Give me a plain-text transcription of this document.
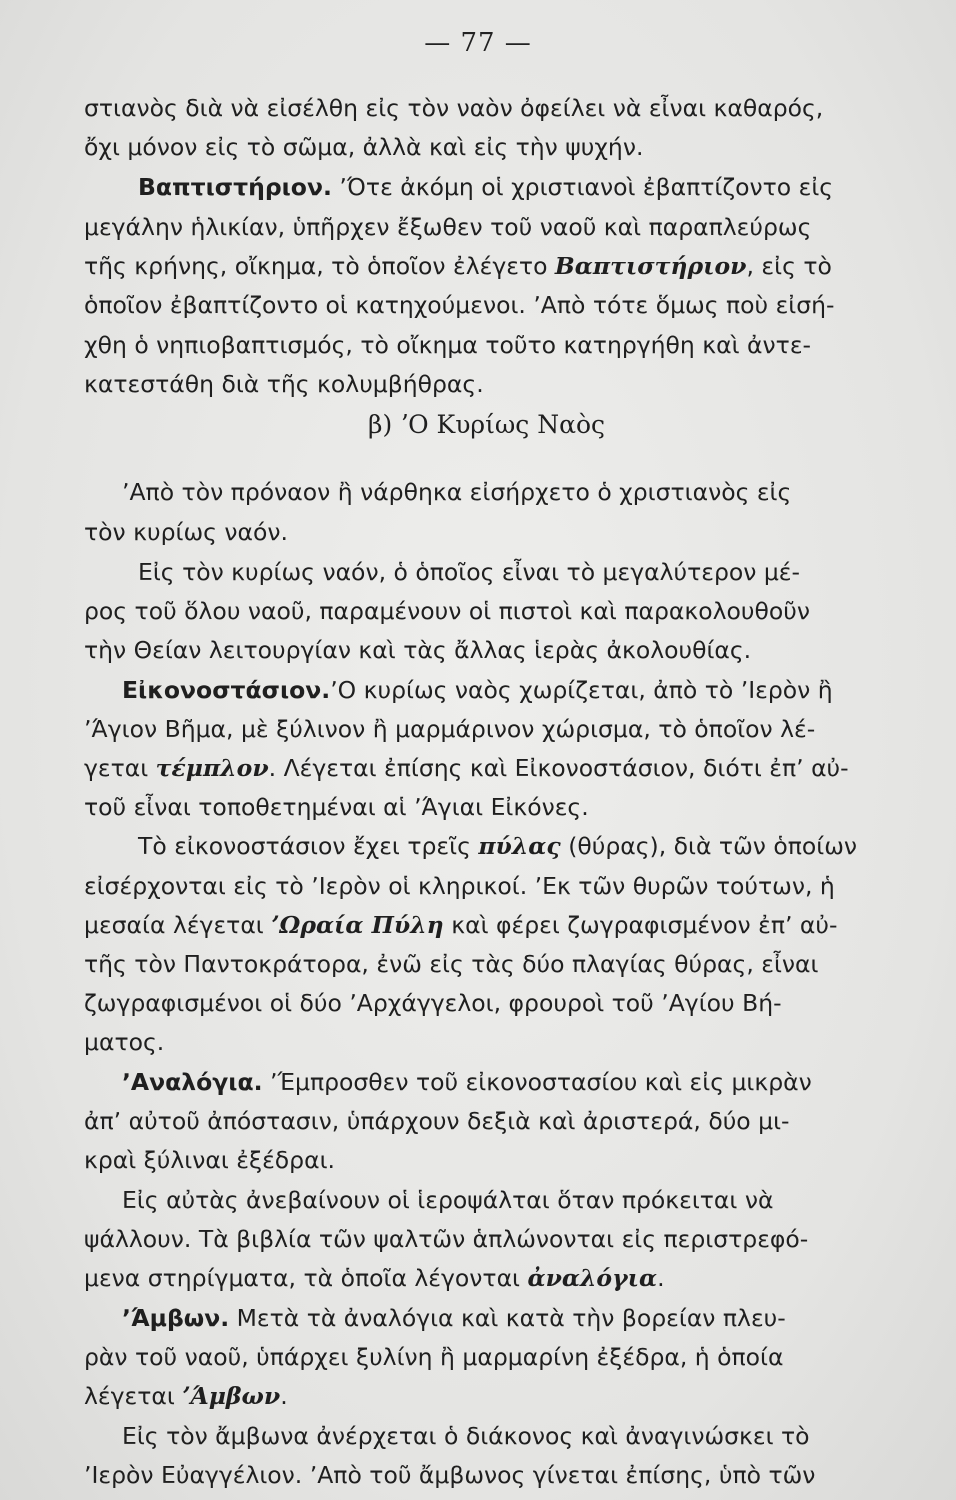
— 77 —
στιανὸς διὰ νὰ εἰσέλθη εἰς τὸν ναὸν ὀφείλει νὰ εἶναι καθαρός,
ὄχι μόνον εἰς τὸ σῶμα, ἀλλὰ καὶ εἰς τὴν ψυχήν.
Βαπτιστήριον. ʼΌτε ἀκόμη οἱ χριστιανοὶ ἐβαπτίζοντο εἰς
μεγάλην ἡλικίαν, ὑπῆρχεν ἔξωθεν τοῦ ναοῦ καὶ παραπλεύρως
τῆς κρήνης, οἴκημα, τὸ ὁποῖον ἐλέγετο Βαπτιστήριον, εἰς τὸ
ὁποῖον ἐβαπτίζοντο οἱ κατηχούμενοι. ʼΑπὸ τότε ὅμως ποὺ εἰσή-
χθη ὁ νηπιοβαπτισμός, τὸ οἴκημα τοῦτο κατηργήθη καὶ ἀντε-
κατεστάθη διὰ τῆς κολυμβήθρας.
β) ʼΟ Κυρίως Ναὸς
ʼΑπὸ τὸν πρόναον ἢ νάρθηκα εἰσήρχετο ὁ χριστιανὸς εἰς
τὸν κυρίως ναόν.
Εἰς τὸν κυρίως ναόν, ὁ ὁποῖος εἶναι τὸ μεγαλύτερον μέ-
ρος τοῦ ὅλου ναοῦ, παραμένουν οἱ πιστοὶ καὶ παρακολουθοῦν
τὴν Θείαν λειτουργίαν καὶ τὰς ἄλλας ἱερὰς ἀκολουθίας.
Εἰκονοστάσιον.ʼΟ κυρίως ναὸς χωρίζεται, ἀπὸ τὸ ʼΙερὸν ἢ
ʼΆγιον Βῆμα, μὲ ξύλινον ἢ μαρμάρινον χώρισμα, τὸ ὁποῖον λέ-
γεται τέμπλον. Λέγεται ἐπίσης καὶ Εἰκονοστάσιον, διότι ἐπʼ αὐ-
τοῦ εἶναι τοποθετημέναι αἱ ʼΆγιαι Εἰκόνες.
Τὸ εἰκονοστάσιον ἔχει τρεῖς πύλας (θύρας), διὰ τῶν ὁποίων
εἰσέρχονται εἰς τὸ ʼΙερὸν οἱ κληρικοί. ʼΕκ τῶν θυρῶν τούτων, ἡ
μεσαία λέγεται ʼΩραία Πύλη καὶ φέρει ζωγραφισμένον ἐπʼ αὐ-
τῆς τὸν Παντοκράτορα, ἐνῶ εἰς τὰς δύο πλαγίας θύρας, εἶναι
ζωγραφισμένοι οἱ δύο ʼΑρχάγγελοι, φρουροὶ τοῦ ʼΑγίου Βή-
ματος.
ʼΑναλόγια. ʼΈμπροσθεν τοῦ εἰκονοστασίου καὶ εἰς μικρὰν
ἀπʼ αὐτοῦ ἀπόστασιν, ὑπάρχουν δεξιὰ καὶ ἀριστερά, δύο μι-
κραὶ ξύλιναι ἐξέδραι.
Εἰς αὐτὰς ἀνεβαίνουν οἱ ἱεροψάλται ὅταν πρόκειται νὰ
ψάλλουν. Τὰ βιβλία τῶν ψαλτῶν ἁπλώνονται εἰς περιστρεφό-
μενα στηρίγματα, τὰ ὁποῖα λέγονται ἀναλόγια.
ʼΆμβων. Μετὰ τὰ ἀναλόγια καὶ κατὰ τὴν βορείαν πλευ-
ρὰν τοῦ ναοῦ, ὑπάρχει ξυλίνη ἢ μαρμαρίνη ἐξέδρα, ἡ ὁποία
λέγεται ʼΆμβων.
Εἰς τὸν ἄμβωνα ἀνέρχεται ὁ διάκονος καὶ ἀναγινώσκει τὸ
ʼΙερὸν Εὐαγγέλιον. ʼΑπὸ τοῦ ἄμβωνος γίνεται ἐπίσης, ὑπὸ τῶν
